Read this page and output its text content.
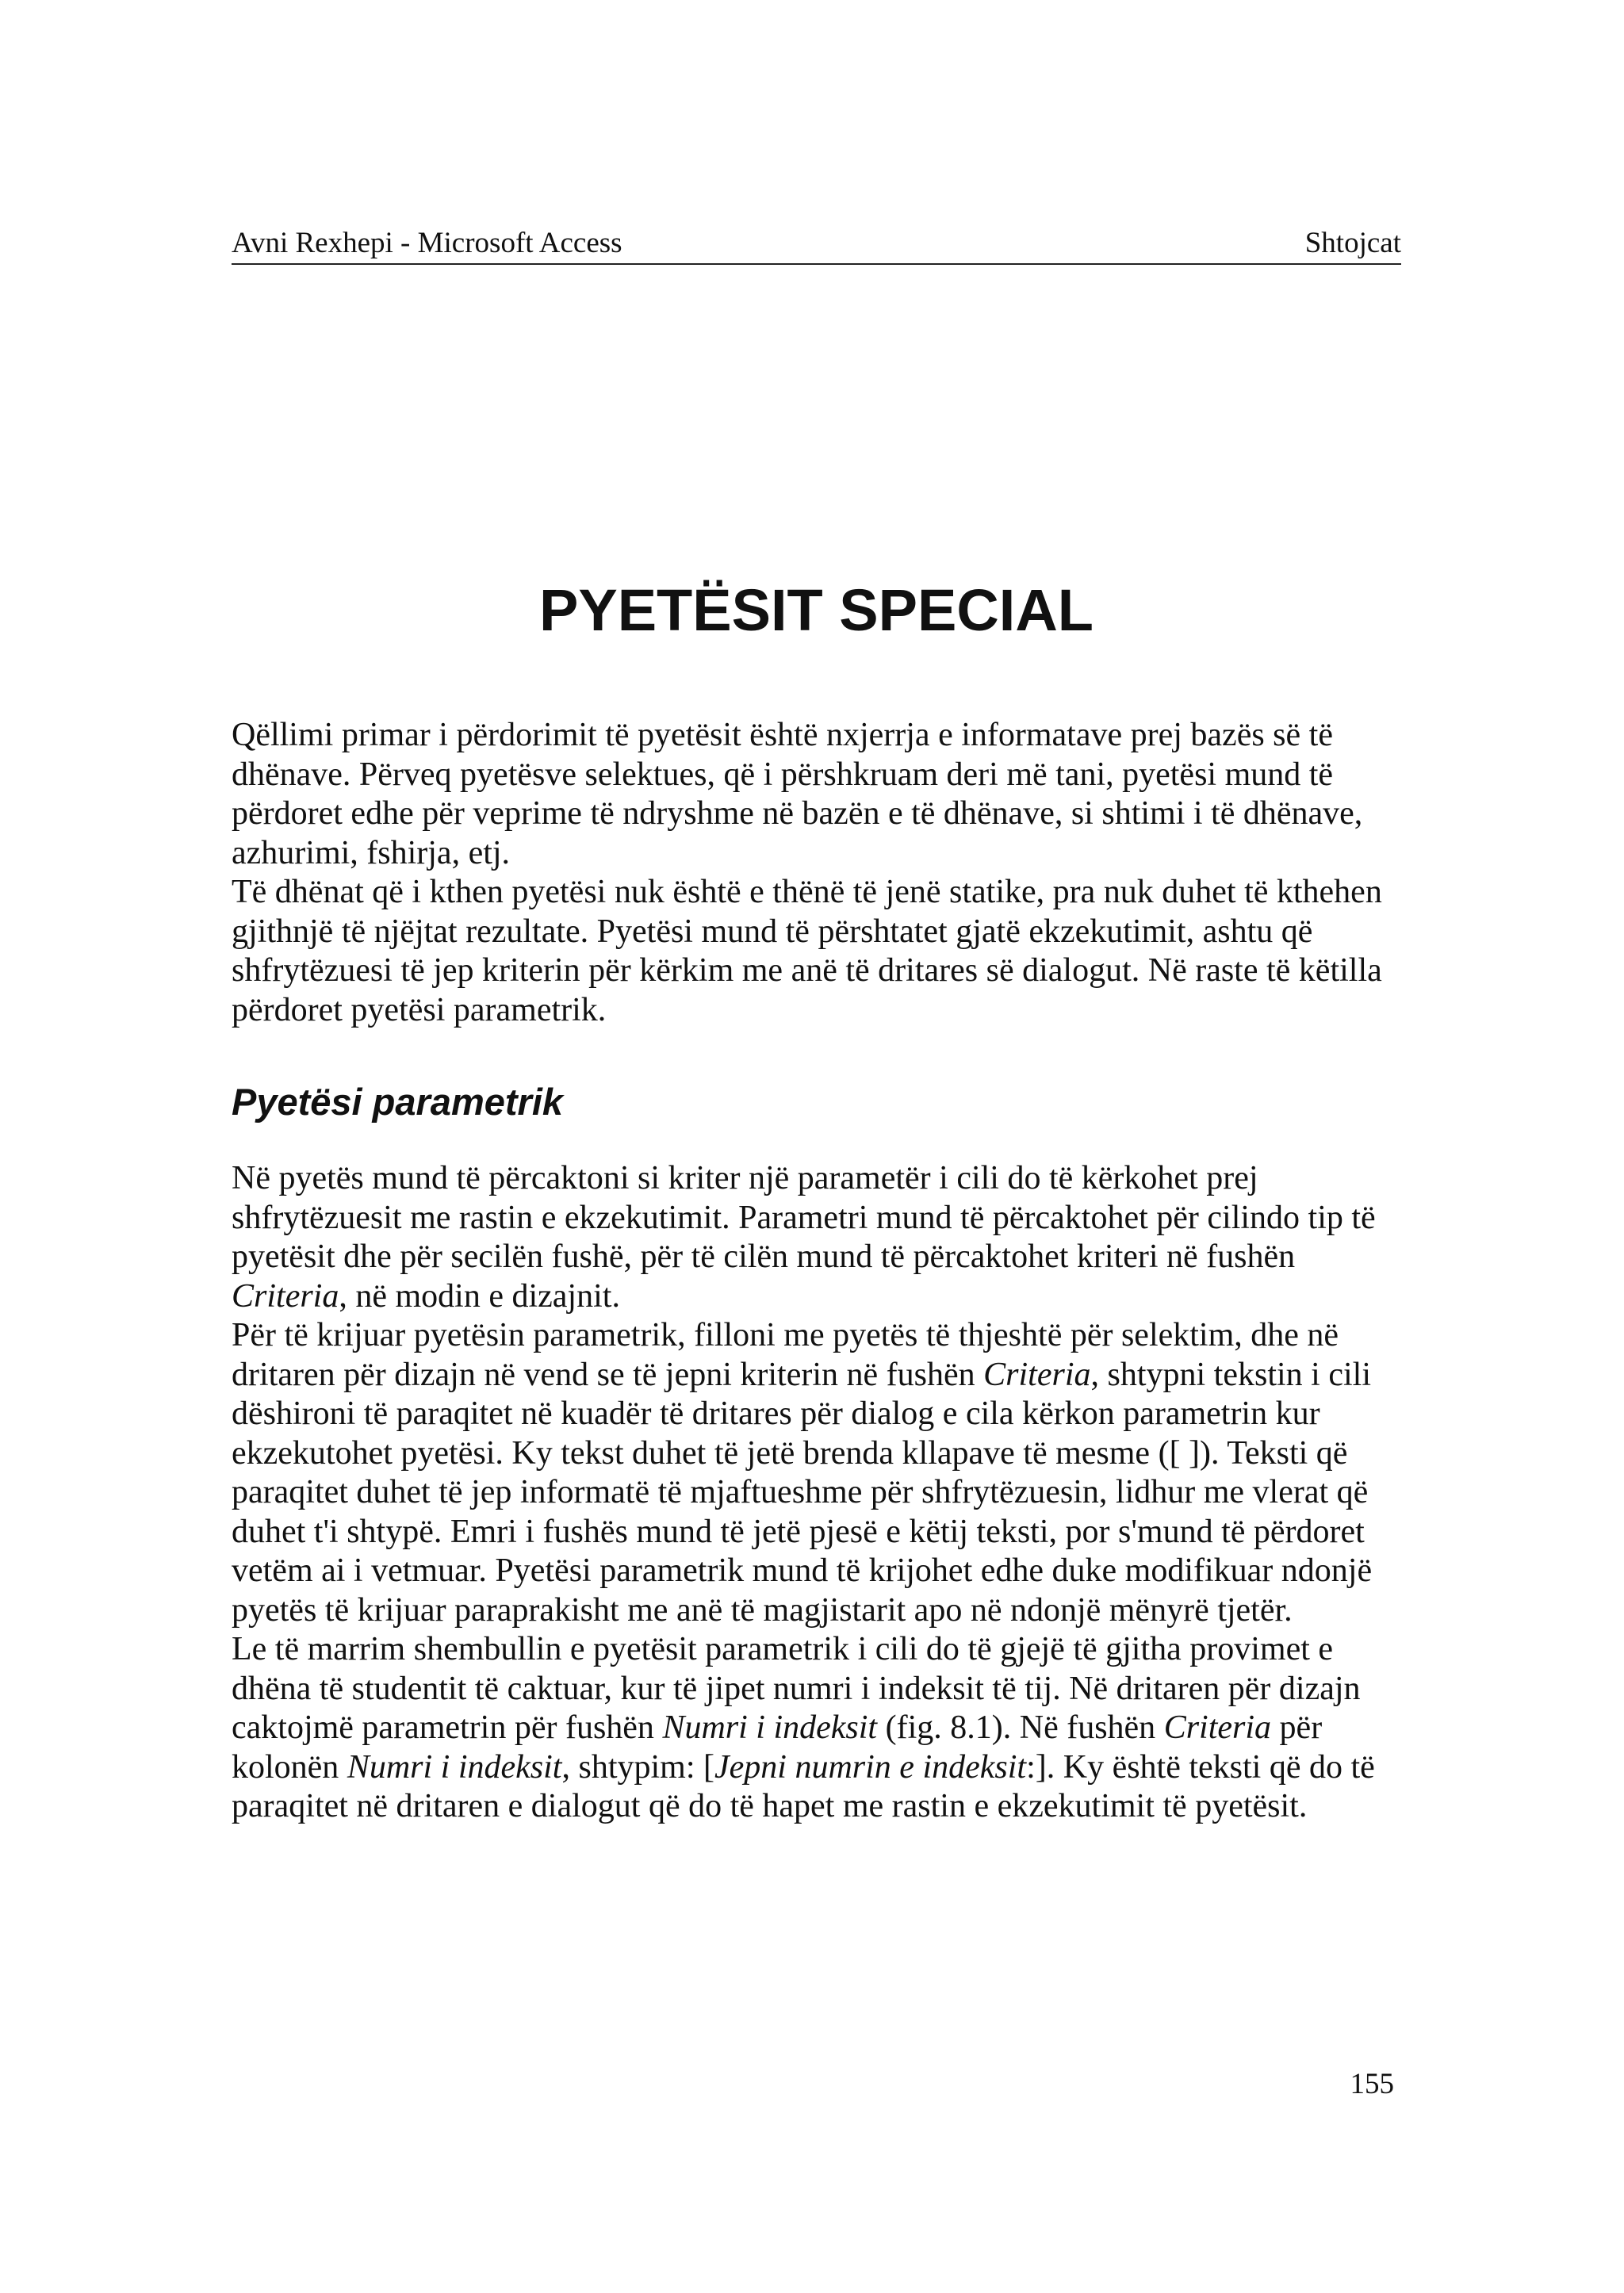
Avni Rexhepi - Microsoft Access	Shtojcat
PYETËSIT SPECIAL

Qëllimi primar i përdorimit të pyetësit është nxjerrja e informatave prej bazës së të dhënave. Përveq pyetësve selektues, që i përshkruam deri më tani, pyetësi mund të përdoret edhe për veprime të ndryshme në bazën e të dhënave, si shtimi i të dhënave, azhurimi, fshirja, etj.

Të dhënat që i kthen pyetësi nuk është e thënë të jenë statike, pra nuk duhet të kthehen gjithnjë të njëjtat rezultate. Pyetësi mund të përshtatet gjatë ekzekutimit, ashtu që shfrytëzuesi të jep kriterin për kërkim me anë të dritares së dialogut. Në raste të këtilla përdoret pyetësi parametrik.

Pyetësi parametrik

Në pyetës mund të përcaktoni si kriter një parametër i cili do të kërkohet prej shfrytëzuesit me rastin e ekzekutimit. Parametri mund të përcaktohet për cilindo tip të pyetësit dhe për secilën fushë, për të cilën mund të përcaktohet kriteri në fushën Criteria, në modin e dizajnit.

Për të krijuar pyetësin parametrik, filloni me pyetës të thjeshtë për selektim, dhe në dritaren për dizajn në vend se të jepni kriterin në fushën Criteria, shtypni tekstin i cili dëshironi të paraqitet në kuadër të dritares për dialog e cila kërkon parametrin kur ekzekutohet pyetësi. Ky tekst duhet të jetë brenda kllapave të mesme ([ ]). Teksti që paraqitet duhet të jep informatë të mjaftueshme për shfrytëzuesin, lidhur me vlerat që duhet t'i shtypë. Emri i fushës mund të jetë pjesë e këtij teksti, por s'mund të përdoret vetëm ai i vetmuar. Pyetësi parametrik mund të krijohet edhe duke modifikuar ndonjë pyetës të krijuar paraprakisht me anë të magjistarit apo në ndonjë mënyrë tjetër.

Le të marrim shembullin e pyetësit parametrik i cili do të gjejë të gjitha provimet e dhëna të studentit të caktuar, kur të jipet numri i indeksit të tij. Në dritaren për dizajn caktojmë parametrin për fushën Numri i indeksit (fig. 8.1). Në fushën Criteria për kolonën Numri i indeksit, shtypim: [Jepni numrin e indeksit:]. Ky është teksti që do të paraqitet në dritaren e dialogut që do të hapet me rastin e ekzekutimit të pyetësit.

155
